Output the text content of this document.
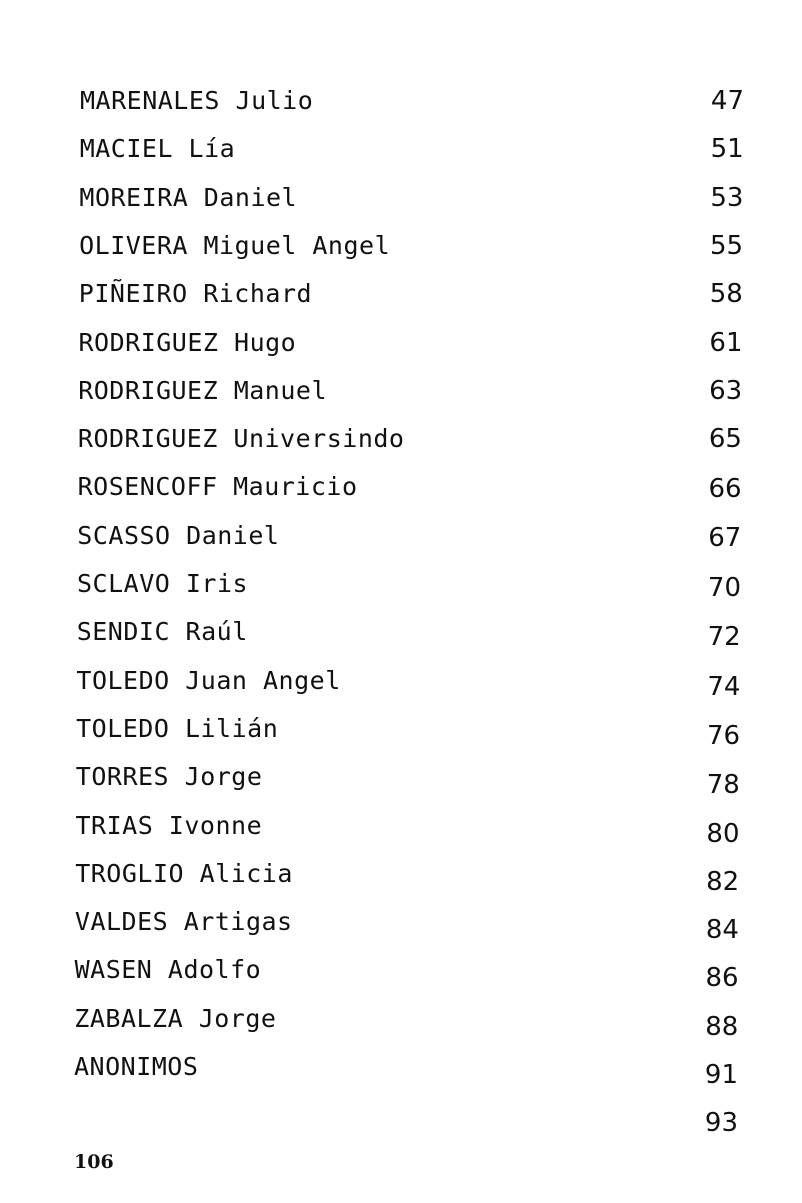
MARENALES Julio	47
MACIEL Lía	51
MOREIRA Daniel	53
OLIVERA Miguel Angel	55
PIÑEIRO Richard	58
RODRIGUEZ Hugo	61
RODRIGUEZ Manuel	63
RODRIGUEZ Universindo	65
ROSENCOFF Mauricio	66
SCASSO Daniel	67
SCLAVO Iris	70
SENDIC Raúl	72
TOLEDO Juan Angel	74
TOLEDO Lilián	76
TORRES Jorge	78
TRIAS Ivonne	80
TROGLIO Alicia	82
VALDES Artigas	84
WASEN Adolfo	86
ZABALZA Jorge	88
ANONIMOS	91
93
106
